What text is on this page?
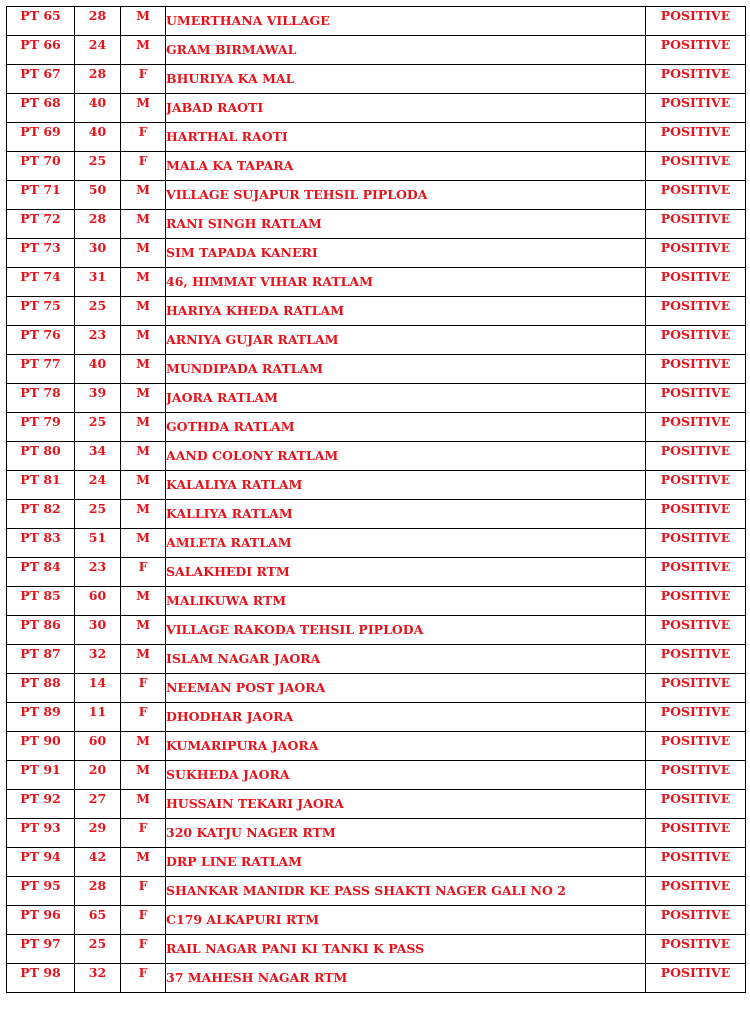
PT 65	28	M	UMERTHANA VILLAGE	POSITIVE
PT 66	24	M	GRAM BIRMAWAL	POSITIVE
PT 67	28	F	BHURIYA KA MAL	POSITIVE
PT 68	40	M	JABAD RAOTI	POSITIVE
PT 69	40	F	HARTHAL RAOTI	POSITIVE
PT 70	25	F	MALA KA TAPARA	POSITIVE
PT 71	50	M	VILLAGE SUJAPUR TEHSIL PIPLODA	POSITIVE
PT 72	28	M	RANI SINGH RATLAM	POSITIVE
PT 73	30	M	SIM TAPADA KANERI	POSITIVE
PT 74	31	M	46, HIMMAT VIHAR RATLAM	POSITIVE
PT 75	25	M	HARIYA KHEDA RATLAM	POSITIVE
PT 76	23	M	ARNIYA GUJAR RATLAM	POSITIVE
PT 77	40	M	MUNDIPADA RATLAM	POSITIVE
PT 78	39	M	JAORA RATLAM	POSITIVE
PT 79	25	M	GOTHDA RATLAM	POSITIVE
PT 80	34	M	AAND COLONY RATLAM	POSITIVE
PT 81	24	M	KALALIYA RATLAM	POSITIVE
PT 82	25	M	KALLIYA RATLAM	POSITIVE
PT 83	51	M	AMLETA RATLAM	POSITIVE
PT 84	23	F	SALAKHEDI RTM	POSITIVE
PT 85	60	M	MALIKUWA RTM	POSITIVE
PT 86	30	M	VILLAGE RAKODA TEHSIL PIPLODA	POSITIVE
PT 87	32	M	ISLAM NAGAR JAORA	POSITIVE
PT 88	14	F	NEEMAN POST JAORA	POSITIVE
PT 89	11	F	DHODHAR JAORA	POSITIVE
PT 90	60	M	KUMARIPURA JAORA	POSITIVE
PT 91	20	M	SUKHEDA JAORA	POSITIVE
PT 92	27	M	HUSSAIN TEKARI JAORA	POSITIVE
PT 93	29	F	320 KATJU NAGER RTM	POSITIVE
PT 94	42	M	DRP LINE RATLAM	POSITIVE
PT 95	28	F	SHANKAR MANIDR KE PASS SHAKTI NAGER GALI NO 2	POSITIVE
PT 96	65	F	C179 ALKAPURI RTM	POSITIVE
PT 97	25	F	RAIL NAGAR PANI KI TANKI K PASS	POSITIVE
PT 98	32	F	37 MAHESH NAGAR RTM	POSITIVE
